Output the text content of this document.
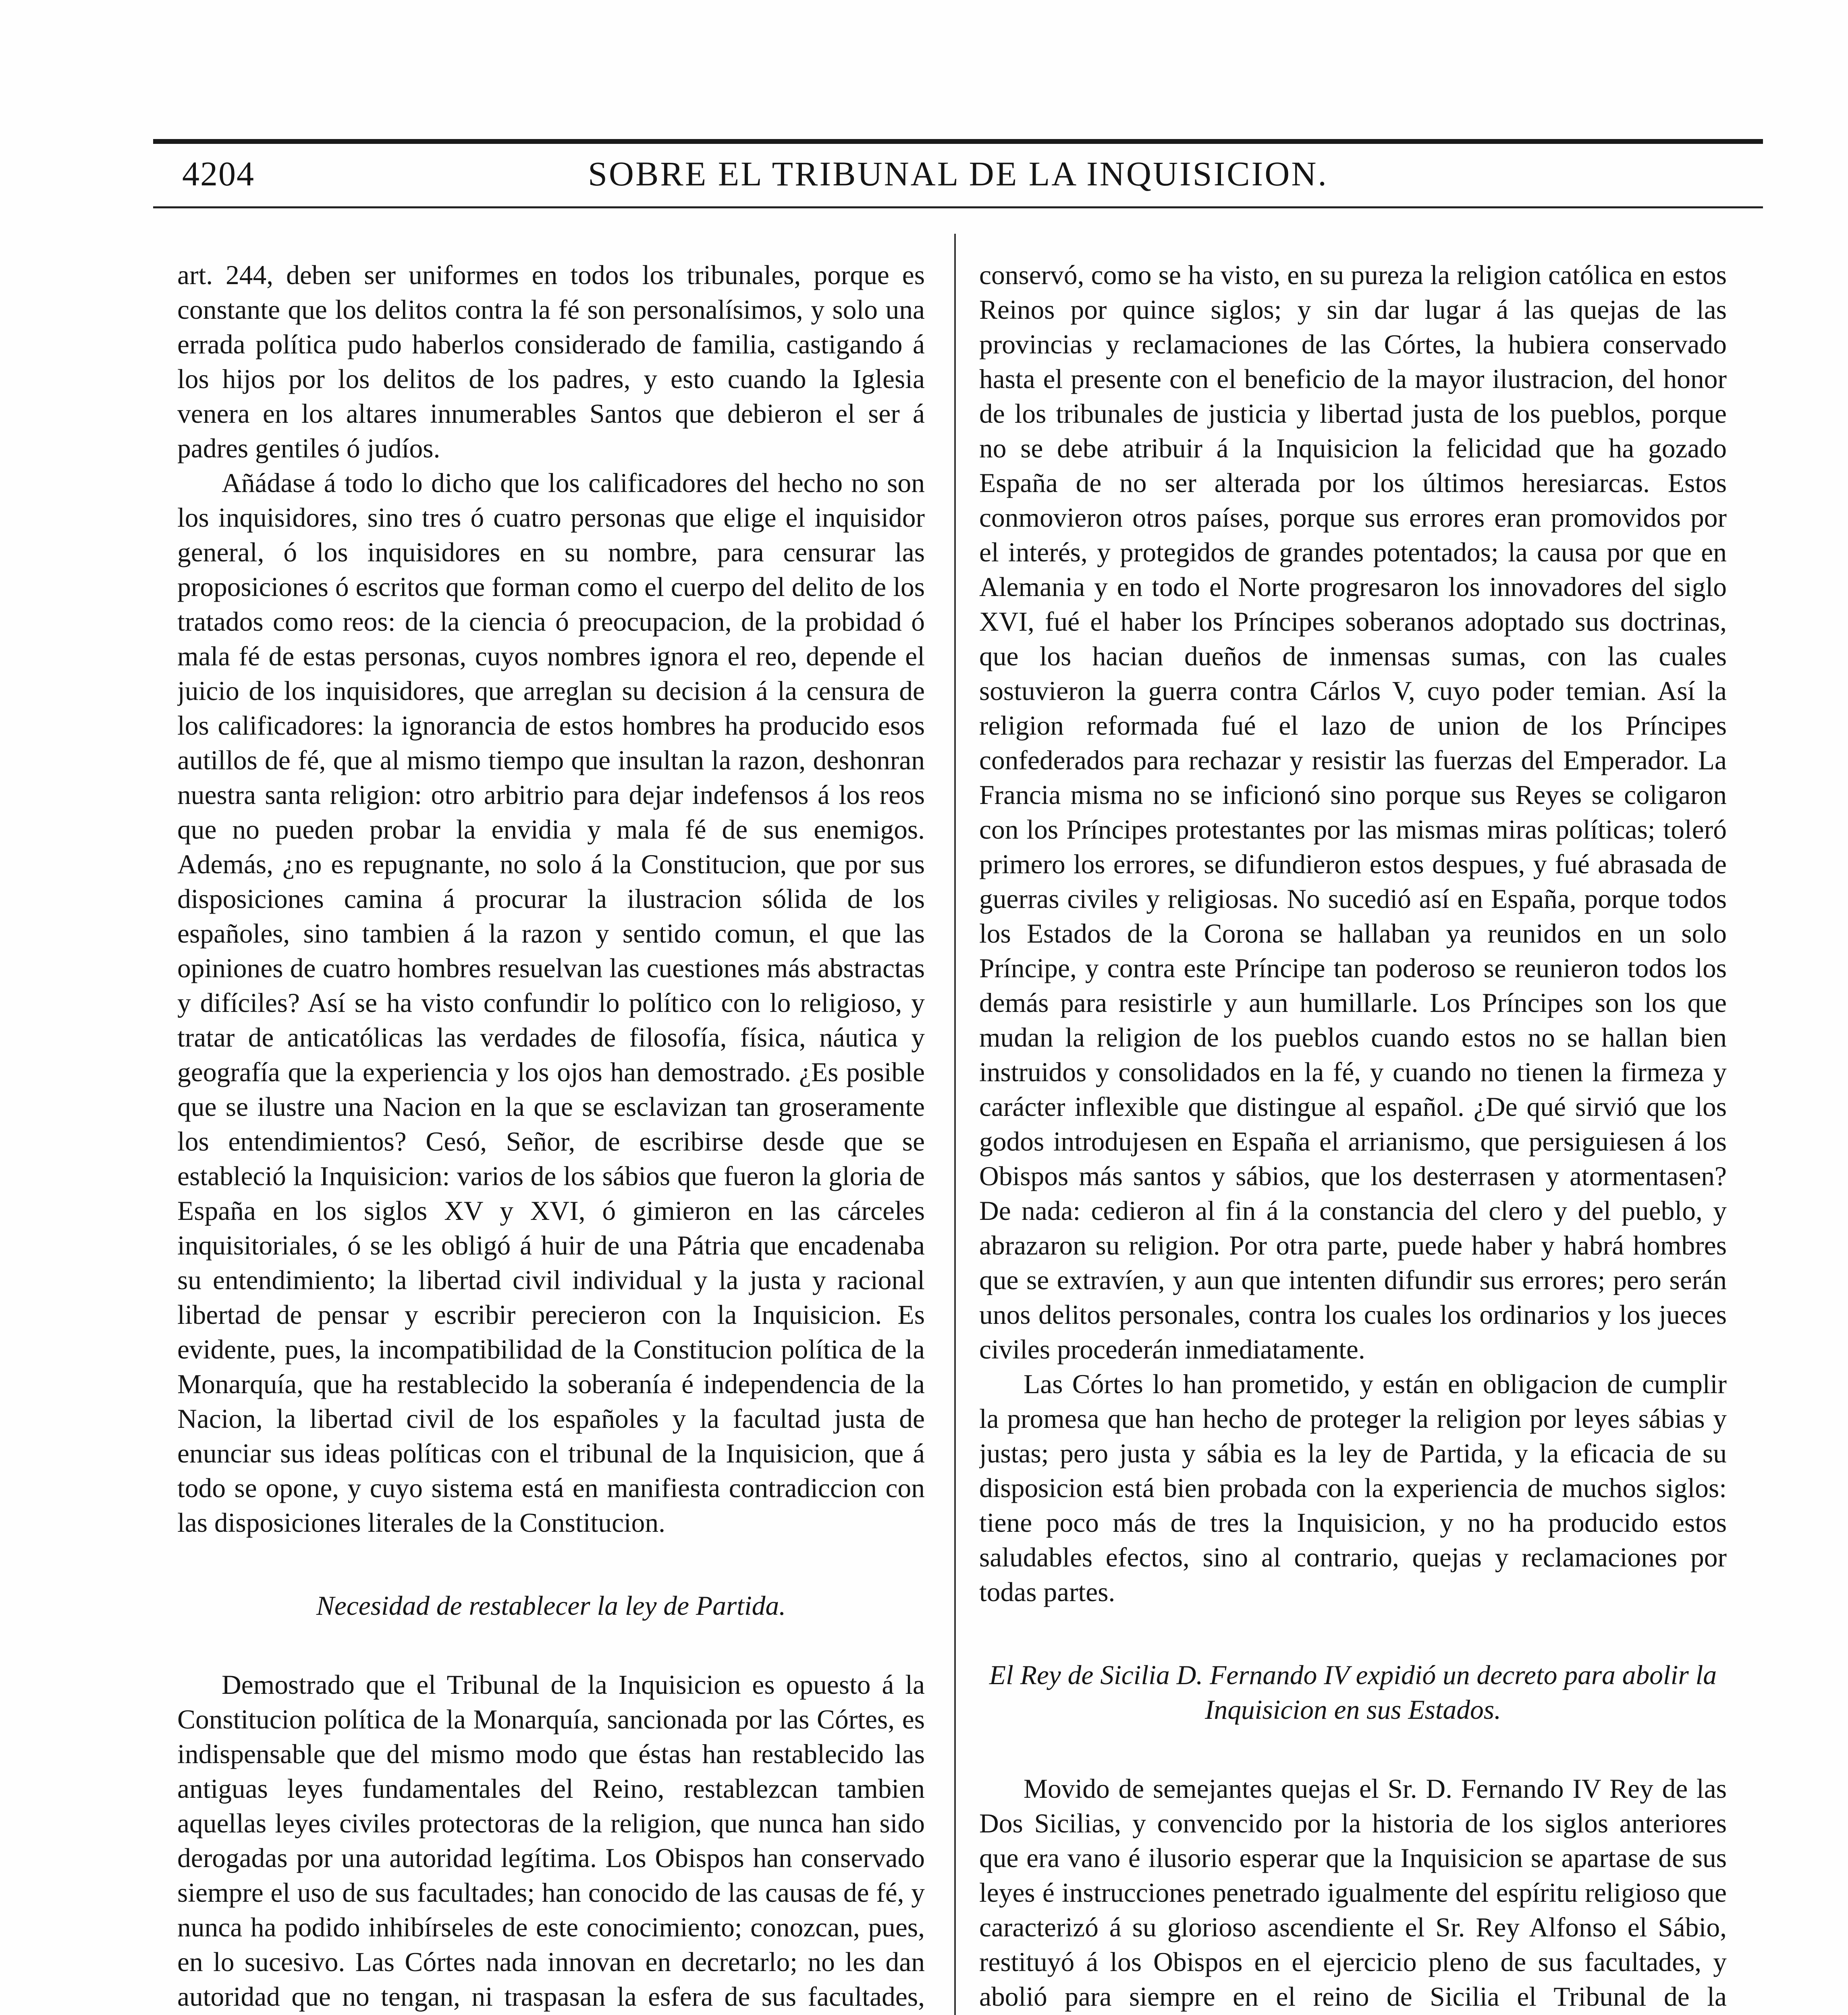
4204	SOBRE EL TRIBUNAL DE LA INQUISICION.

art. 244, deben ser uniformes en todos los tribunales, porque es constante que los delitos contra la fé son personalísimos, y solo una errada política pudo haberlos considerado de familia, castigando á los hijos por los delitos de los padres, y esto cuando la Iglesia venera en los altares innumerables Santos que debieron el ser á padres gentiles ó judíos.

Añádase á todo lo dicho que los calificadores del hecho no son los inquisidores, sino tres ó cuatro personas que elige el inquisidor general, ó los inquisidores en su nombre, para censurar las proposiciones ó escritos que forman como el cuerpo del delito de los tratados como reos: de la ciencia ó preocupacion, de la probidad ó mala fé de estas personas, cuyos nombres ignora el reo, depende el juicio de los inquisidores, que arreglan su decision á la censura de los calificadores: la ignorancia de estos hombres ha producido esos autillos de fé, que al mismo tiempo que insultan la razon, deshonran nuestra santa religion: otro arbitrio para dejar indefensos á los reos que no pueden probar la envidia y mala fé de sus enemigos. Además, ¿no es repugnante, no solo á la Constitucion, que por sus disposiciones camina á procurar la ilustracion sólida de los españoles, sino tambien á la razon y sentido comun, el que las opiniones de cuatro hombres resuelvan las cuestiones más abstractas y difíciles? Así se ha visto confundir lo político con lo religioso, y tratar de anticatólicas las verdades de filosofía, física, náutica y geografía que la experiencia y los ojos han demostrado. ¿Es posible que se ilustre una Nacion en la que se esclavizan tan groseramente los entendimientos? Cesó, Señor, de escribirse desde que se estableció la Inquisicion: varios de los sábios que fueron la gloria de España en los siglos XV y XVI, ó gimieron en las cárceles inquisitoriales, ó se les obligó á huir de una Pátria que encadenaba su entendimiento; la libertad civil individual y la justa y racional libertad de pensar y escribir perecieron con la Inquisicion. Es evidente, pues, la incompatibilidad de la Constitucion política de la Monarquía, que ha restablecido la soberanía é independencia de la Nacion, la libertad civil de los españoles y la facultad justa de enunciar sus ideas políticas con el tribunal de la Inquisicion, que á todo se opone, y cuyo sistema está en manifiesta contradiccion con las disposiciones literales de la Constitucion.

Necesidad de restablecer la ley de Partida.

Demostrado que el Tribunal de la Inquisicion es opuesto á la Constitucion política de la Monarquía, sancionada por las Córtes, es indispensable que del mismo modo que éstas han restablecido las antiguas leyes fundamentales del Reino, restablezcan tambien aquellas leyes civiles protectoras de la religion, que nunca han sido derogadas por una autoridad legítima. Los Obispos han conservado siempre el uso de sus facultades; han conocido de las causas de fé, y nunca ha podido inhibírseles de este conocimiento; conozcan, pues, en lo sucesivo. Las Córtes nada innovan en decretarlo; no les dan autoridad que no tengan, ni traspasan la esfera de sus facultades,

conservó, como se ha visto, en su pureza la religion católica en estos Reinos por quince siglos; y sin dar lugar á las quejas de las provincias y reclamaciones de las Córtes, la hubiera conservado hasta el presente con el beneficio de la mayor ilustracion, del honor de los tribunales de justicia y libertad justa de los pueblos, porque no se debe atribuir á la Inquisicion la felicidad que ha gozado España de no ser alterada por los últimos heresiarcas. Estos conmovieron otros países, porque sus errores eran promovidos por el interés, y protegidos de grandes potentados; la causa por que en Alemania y en todo el Norte progresaron los innovadores del siglo XVI, fué el haber los Príncipes soberanos adoptado sus doctrinas, que los hacian dueños de inmensas sumas, con las cuales sostuvieron la guerra contra Cárlos V, cuyo poder temian. Así la religion reformada fué el lazo de union de los Príncipes confederados para rechazar y resistir las fuerzas del Emperador. La Francia misma no se inficionó sino porque sus Reyes se coligaron con los Príncipes protestantes por las mismas miras políticas; toleró primero los errores, se difundieron estos despues, y fué abrasada de guerras civiles y religiosas. No sucedió así en España, porque todos los Estados de la Corona se hallaban ya reunidos en un solo Príncipe, y contra este Príncipe tan poderoso se reunieron todos los demás para resistirle y aun humillarle. Los Príncipes son los que mudan la religion de los pueblos cuando estos no se hallan bien instruidos y consolidados en la fé, y cuando no tienen la firmeza y carácter inflexible que distingue al español. ¿De qué sirvió que los godos introdujesen en España el arrianismo, que persiguiesen á los Obispos más santos y sábios, que los desterrasen y atormentasen? De nada: cedieron al fin á la constancia del clero y del pueblo, y abrazaron su religion. Por otra parte, puede haber y habrá hombres que se extravíen, y aun que intenten difundir sus errores; pero serán unos delitos personales, contra los cuales los ordinarios y los jueces civiles procederán inmediatamente.

Las Córtes lo han prometido, y están en obligacion de cumplir la promesa que han hecho de proteger la religion por leyes sábias y justas; pero justa y sábia es la ley de Partida, y la eficacia de su disposicion está bien probada con la experiencia de muchos siglos: tiene poco más de tres la Inquisicion, y no ha producido estos saludables efectos, sino al contrario, quejas y reclamaciones por todas partes.

El Rey de Sicilia D. Fernando IV expidió un decreto para abolir la Inquisicion en sus Estados.

Movido de semejantes quejas el Sr. D. Fernando IV Rey de las Dos Sicilias, y convencido por la historia de los siglos anteriores que era vano é ilusorio esperar que la Inquisicion se apartase de sus leyes é instrucciones penetrado igualmente del espíritu religioso que caracterizó á su glorioso ascendiente el Sr. Rey Alfonso el Sábio, restituyó á los Obispos en el ejercicio pleno de sus facultades, y abolió para siempre en el reino de Sicilia el Tribunal de la
